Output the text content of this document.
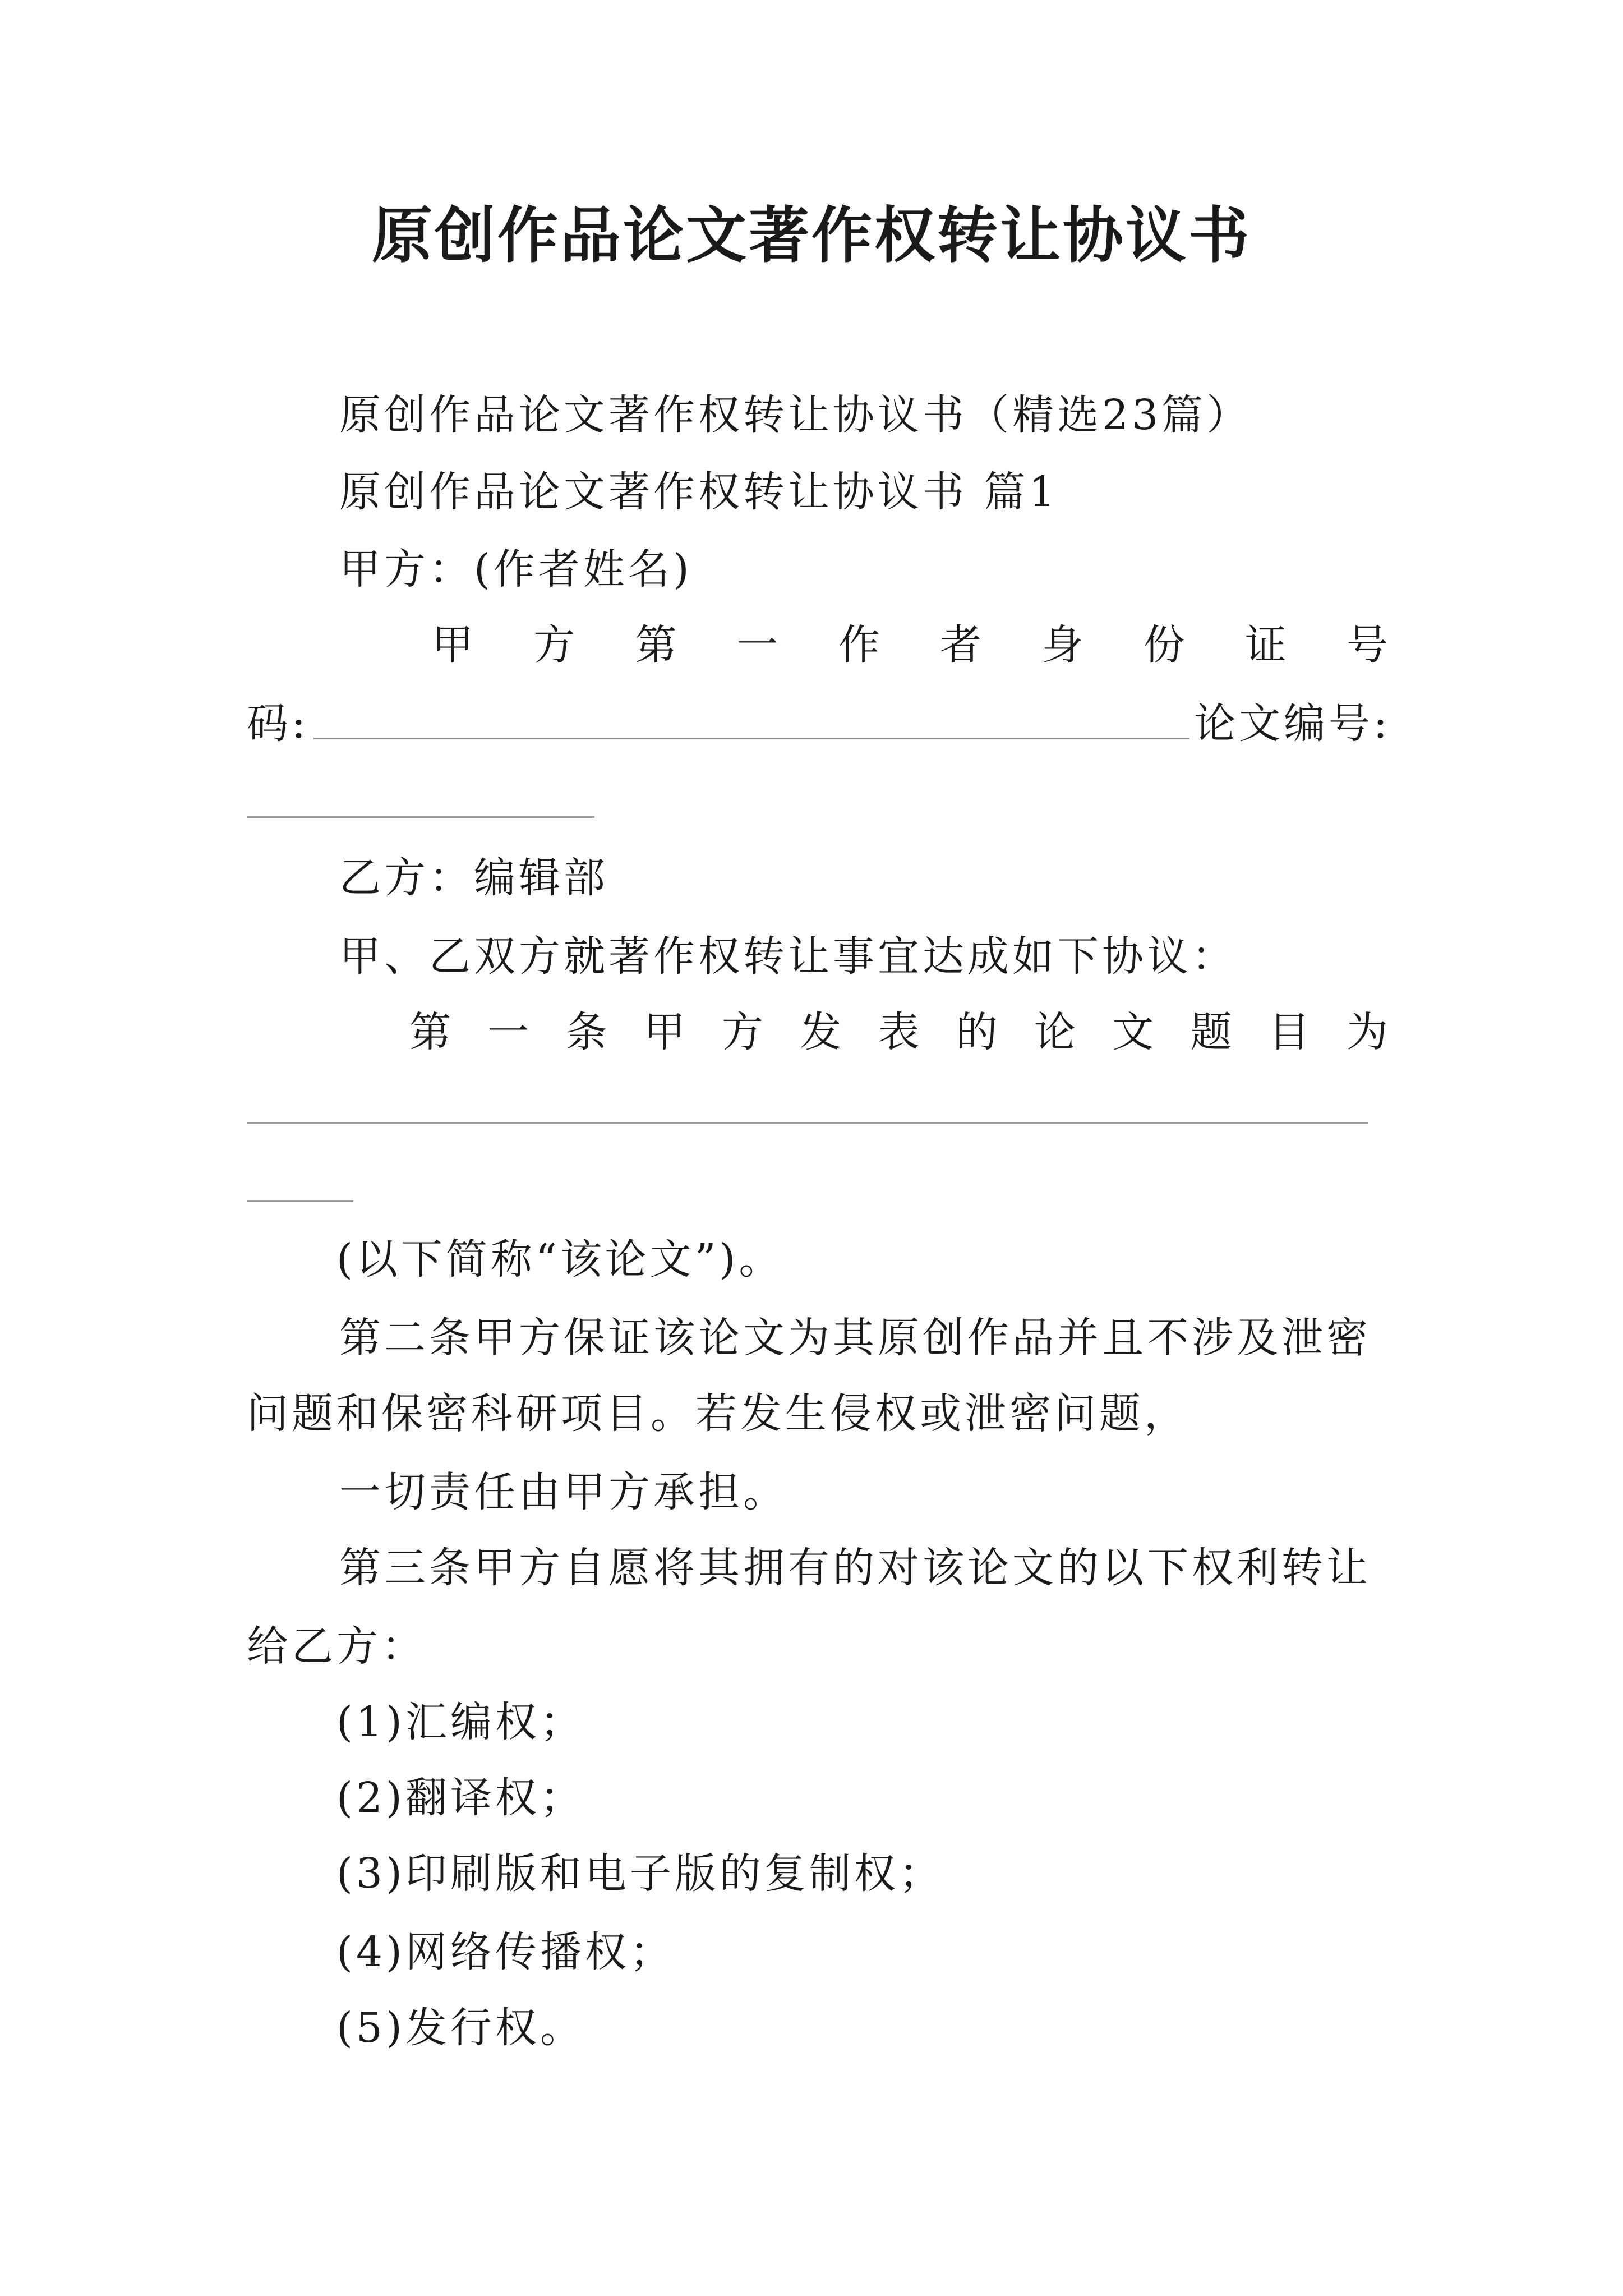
原创作品论文著作权转让协议书
原创作品论文著作权转让协议书（精选23篇）
原创作品论文著作权转让协议书 篇1
甲方：(作者姓名)
甲 方 第 一 作 者 身 份 证 号
码:	论文编号:
乙方：编辑部
甲、乙双方就著作权转让事宜达成如下协议：
第 一 条 甲 方 发 表 的 论 文 题 目 为
(以下简称“该论文”)。
第二条甲方保证该论文为其原创作品并且不涉及泄密
问题和保密科研项目。若发生侵权或泄密问题，
一切责任由甲方承担。
第三条甲方自愿将其拥有的对该论文的以下权利转让
给乙方：
(1)汇编权；
(2)翻译权；
(3)印刷版和电子版的复制权；
(4)网络传播权；
(5)发行权。
